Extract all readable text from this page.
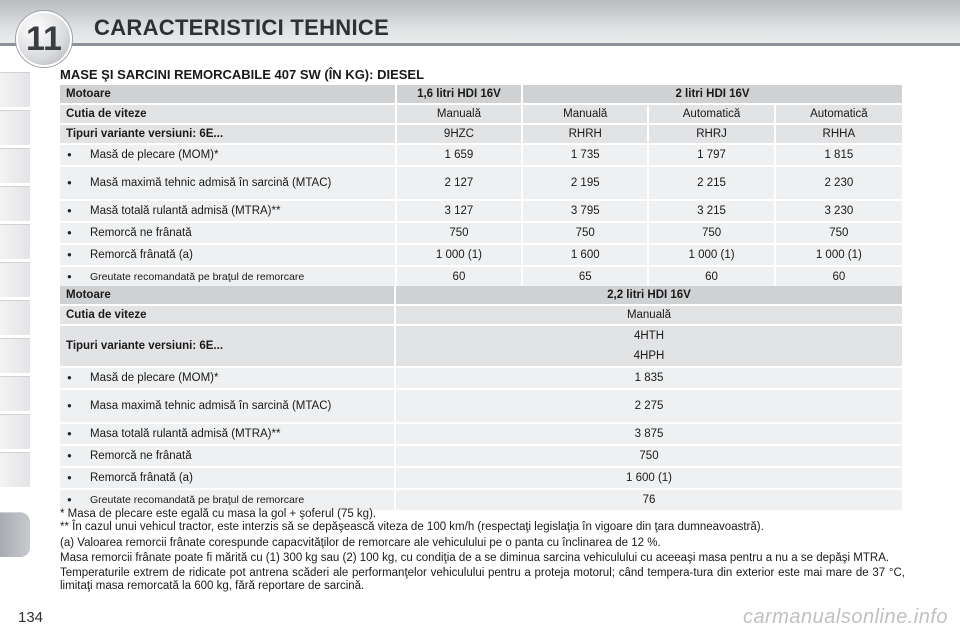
11	CARACTERISTICI TEHNICE
MASE ŞI SARCINI REMORCABILE 407 SW (ÎN KG): DIESEL
Motoare	1,6 litri HDI 16V	2 litri HDI 16V		
Cutia de viteze	Manuală	Manuală	Automatică	Automatică
Tipuri variante versiuni: 6E...	9HZC	RHRH	RHRJ	RHHA
● Masă de plecare (MOM)*	1 659	1 735	1 797	1 815
● Masă maximă tehnic admisă în sarcină (MTAC)	2 127	2 195	2 215	2 230
● Masă totală rulantă admisă (MTRA)**	3 127	3 795	3 215	3 230
● Remorcă ne frânată	750	750	750	750
● Remorcă frânată (a)	1 000 (1)	1 600	1 000 (1)	1 000 (1)
● Greutate recomandată pe braţul de remorcare	60	65	60	60
Motoare	2,2 litri HDI 16V
Cutia de viteze	Manuală
Tipuri variante versiuni: 6E...	4HTH
4HPH

● Masă de plecare (MOM)*	1 835
● Masa maximă tehnic admisă în sarcină (MTAC)	2 275
● Masa totală rulantă admisă (MTRA)**	3 875
● Remorcă ne frânată	750
● Remorcă frânată (a)	1 600 (1)
● Greutate recomandată pe braţul de remorcare	76

* Masa de plecare este egală cu masa la gol + şoferul (75 kg).

** În cazul unui vehicul tractor, este interzis să se depăşească viteza de 100 km/h (respectaţi legislaţia în vigoare din ţara dumneavoastră).

(a) Valoarea remorcii frânate corespunde capacvităţilor de remorcare ale vehiculului pe o panta cu înclinarea de 12 %.

Masa remorcii frânate poate fi mărită cu (1) 300 kg sau (2) 100 kg, cu condiţia de a se diminua sarcina vehiculului cu aceeaşi masa pentru a nu a se depăşi MTRA.

Temperaturile extrem de ridicate pot antrena scăderi ale performanţelor vehiculului pentru a proteja motorul; când tempera-tura din exterior este mai mare de 37 °C, limitaţi masa remorcată la 600 kg, fără reportare de sarcină.

134	carmanualsonline.info
